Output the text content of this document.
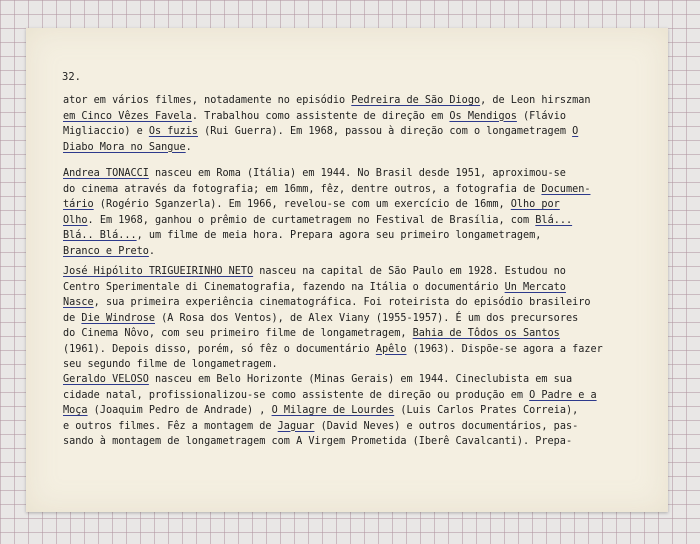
32.
ator em vários filmes, notadamente no episódio Pedreira de São Diogo, de Leon hirszman
em Cinco Vêzes Favela. Trabalhou como assistente de direção em Os Mendigos (Flávio
Migliaccio) e Os fuzis (Rui Guerra). Em 1968, passou à direção com o longametragem O
Diabo Mora no Sangue.
Andrea TONACCI nasceu em Roma (Itália) em 1944. No Brasil desde 1951, aproximou-se
do cinema através da fotografia; em 16mm, fêz, dentre outros, a fotografia de Documen-
tário (Rogério Sganzerla). Em 1966, revelou-se com um exercício de 16mm, Olho por
Olho. Em 1968, ganhou o prêmio de curtametragem no Festival de Brasília, com Blá...
Blá.. Blá..., um filme de meia hora. Prepara agora seu primeiro longametragem,
Branco e Preto.
José Hipólito TRIGUEIRINHO NETO nasceu na capital de São Paulo em 1928. Estudou no
Centro Sperimentale di Cinematografia, fazendo na Itália o documentário Un Mercato
Nasce, sua primeira experiência cinematográfica. Foi roteirista do episódio brasileiro
de Die Windrose (A Rosa dos Ventos), de Alex Viany (1955-1957). É um dos precursores
do Cinema Nôvo, com seu primeiro filme de longametragem, Bahia de Tôdos os Santos
(1961). Depois disso, porém, só fêz o documentário Apêlo (1963). Dispõe-se agora a fazer
seu segundo filme de longametragem.
Geraldo VELOSO nasceu em Belo Horizonte (Minas Gerais) em 1944. Cineclubista em sua
cidade natal, profissionalizou-se como assistente de direção ou produção em O Padre e a
Moça (Joaquim Pedro de Andrade) , O Milagre de Lourdes (Luis Carlos Prates Correia),
e outros filmes. Fêz a montagem de Jaguar (David Neves) e outros documentários, pas-
sando à montagem de longametragem com A Virgem Prometida (Iberê Cavalcanti). Prepa-
